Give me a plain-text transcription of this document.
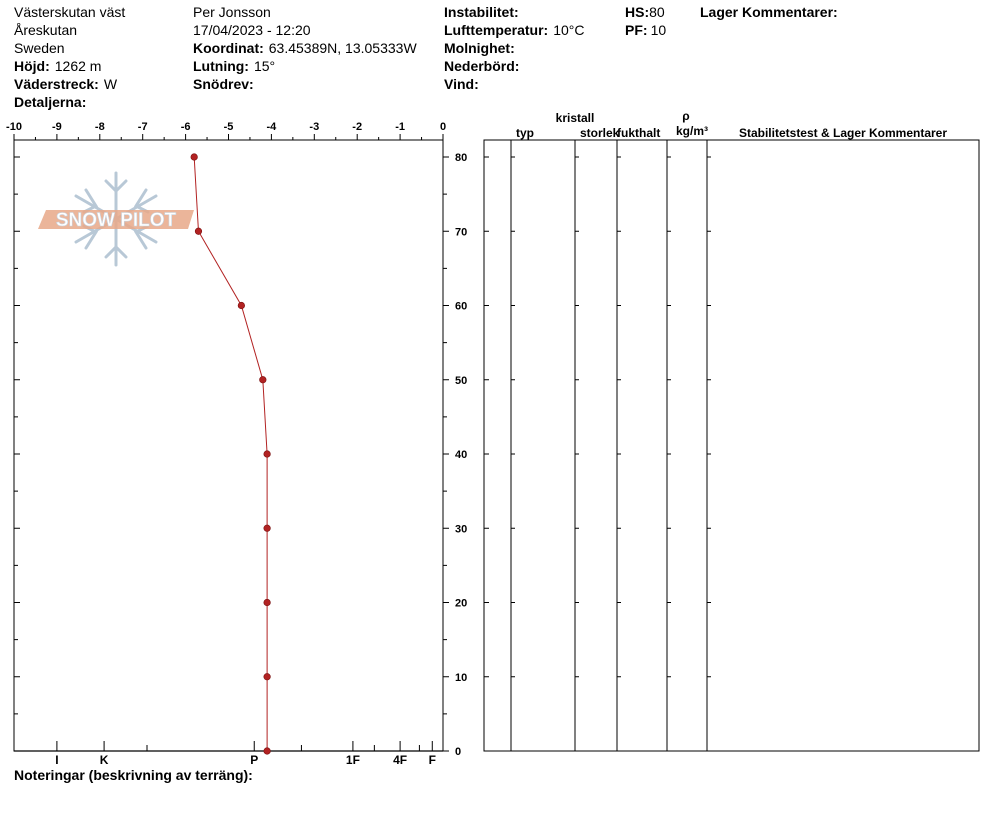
Västerskutan väst
Åreskutan
Sweden
Höjd: 1262 m
Väderstreck: W
Detaljerna:
Per Jonsson
17/04/2023 - 12:20
Koordinat: 63.45389N, 13.05333W
Lutning: 15°
Snödrev:
Instabilitet:
Lufttemperatur: 10°C
Molnighet:
Nederbörd:
Vind:
HS:80
PF: 10
Lager Kommentarer:
SNOW PILOT
-10	-9	-8	-7	-6	-5	-4	-3	-2	-1	0
0
10
20
30
40
50
60
70
80
I	K	P	1F	4F F
typ
kristall
storlek
fukthalt
ρ
kg/m³	Stabilitetstest & Lager Kommentarer
Noteringar (beskrivning av terräng):
